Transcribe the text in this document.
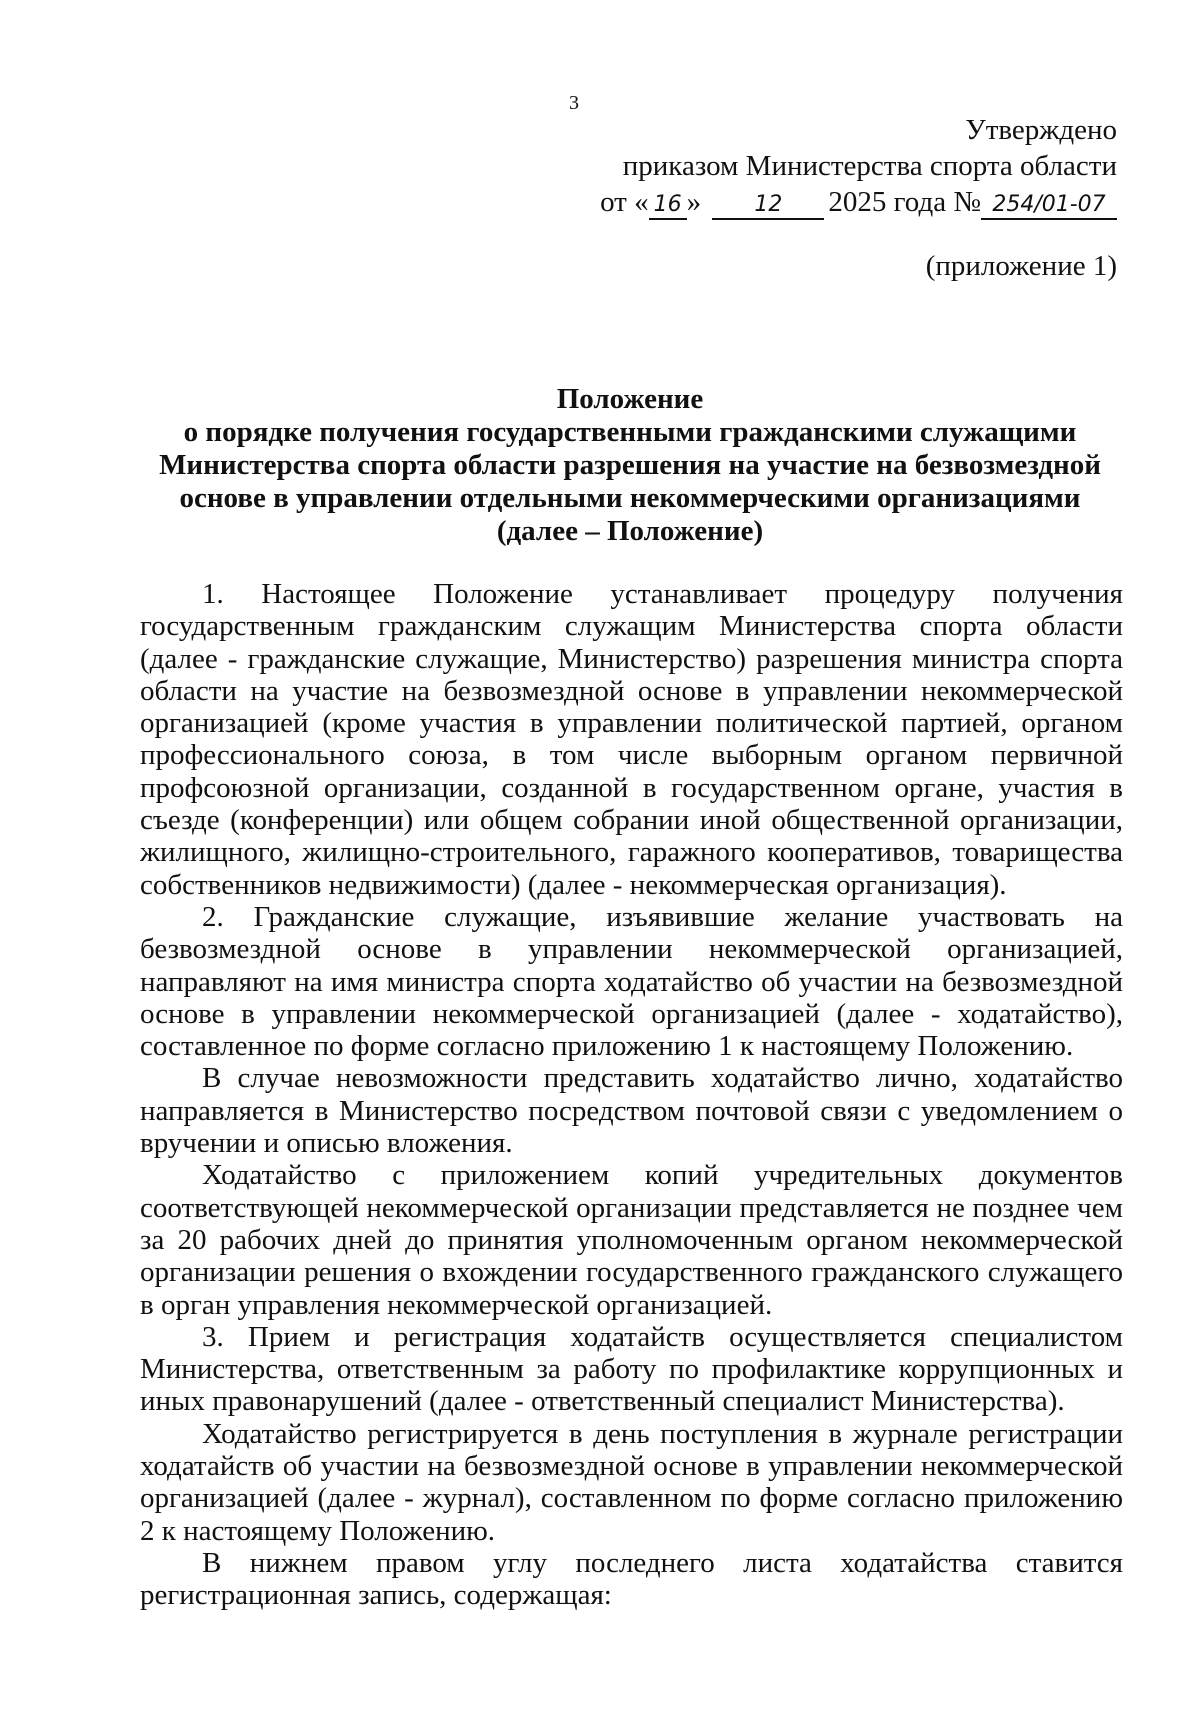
3
Утверждено
приказом Министерства спорта области
от « 16 » 12 2025 года № 254/01-07
(приложение 1)
Положение
о порядке получения государственными гражданскими служащими
Министерства спорта области разрешения на участие на безвозмездной
основе в управлении отдельными некоммерческими организациями
(далее – Положение)

1. Настоящее Положение устанавливает процедуру получения государственным гражданским служащим Министерства спорта области (далее - гражданские служащие, Министерство) разрешения министра спорта области на участие на безвозмездной основе в управлении некоммерческой организацией (кроме участия в управлении политической партией, органом профессионального союза, в том числе выборным органом первичной профсоюзной организации, созданной в государственном органе, участия в съезде (конференции) или общем собрании иной общественной организации, жилищного, жилищно-строительного, гаражного кооперативов, товарищества собственников недвижимости) (далее - некоммерческая организация).

2. Гражданские служащие, изъявившие желание участвовать на безвозмездной основе в управлении некоммерческой организацией, направляют на имя министра спорта ходатайство об участии на безвозмездной основе в управлении некоммерческой организацией (далее - ходатайство), составленное по форме согласно приложению 1 к настоящему Положению.

В случае невозможности представить ходатайство лично, ходатайство направляется в Министерство посредством почтовой связи с уведомлением о вручении и описью вложения.

Ходатайство с приложением копий учредительных документов соответствующей некоммерческой организации представляется не позднее чем за 20 рабочих дней до принятия уполномоченным органом некоммерческой организации решения о вхождении государственного гражданского служащего в орган управления некоммерческой организацией.

3. Прием и регистрация ходатайств осуществляется специалистом Министерства, ответственным за работу по профилактике коррупционных и иных правонарушений (далее - ответственный специалист Министерства).

Ходатайство регистрируется в день поступления в журнале регистрации ходатайств об участии на безвозмездной основе в управлении некоммерческой организацией (далее - журнал), составленном по форме согласно приложению 2 к настоящему Положению.

В нижнем правом углу последнего листа ходатайства ставится регистрационная запись, содержащая:
